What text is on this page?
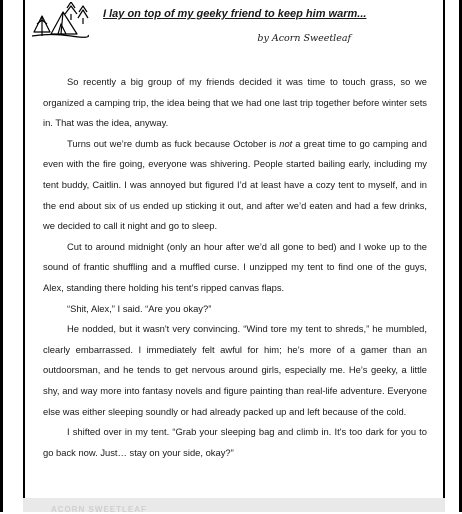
I lay on top of my geeky friend to keep him warm...
by Acorn Sweetleaf

So recently a big group of my friends decided it was time to touch grass, so we organized a camping trip, the idea being that we had one last trip together before winter sets in. That was the idea, anyway.

Turns out we’re dumb as fuck because October is not a great time to go camping and even with the fire going, everyone was shivering. People started bailing early, including my tent buddy, Caitlin. I was annoyed but figured I’d at least have a cozy tent to myself, and in the end about six of us ended up sticking it out, and after we’d eaten and had a few drinks, we decided to call it night and go to sleep.

Cut to around midnight (only an hour after we’d all gone to bed) and I woke up to the sound of frantic shuffling and a muffled curse. I unzipped my tent to find one of the guys, Alex, standing there holding his tent’s ripped canvas flaps.

“Shit, Alex,” I said. “Are you okay?”

He nodded, but it wasn't very convincing. “Wind tore my tent to shreds,” he mumbled, clearly embarrassed. I immediately felt awful for him; he’s more of a gamer than an outdoorsman, and he tends to get nervous around girls, especially me. He’s geeky, a little shy, and way more into fantasy novels and figure painting than real-life adventure. Everyone else was either sleeping soundly or had already packed up and left because of the cold.

I shifted over in my tent. “Grab your sleeping bag and climb in. It's too dark for you to go back now. Just… stay on your side, okay?”

ACORN SWEETLEAF
